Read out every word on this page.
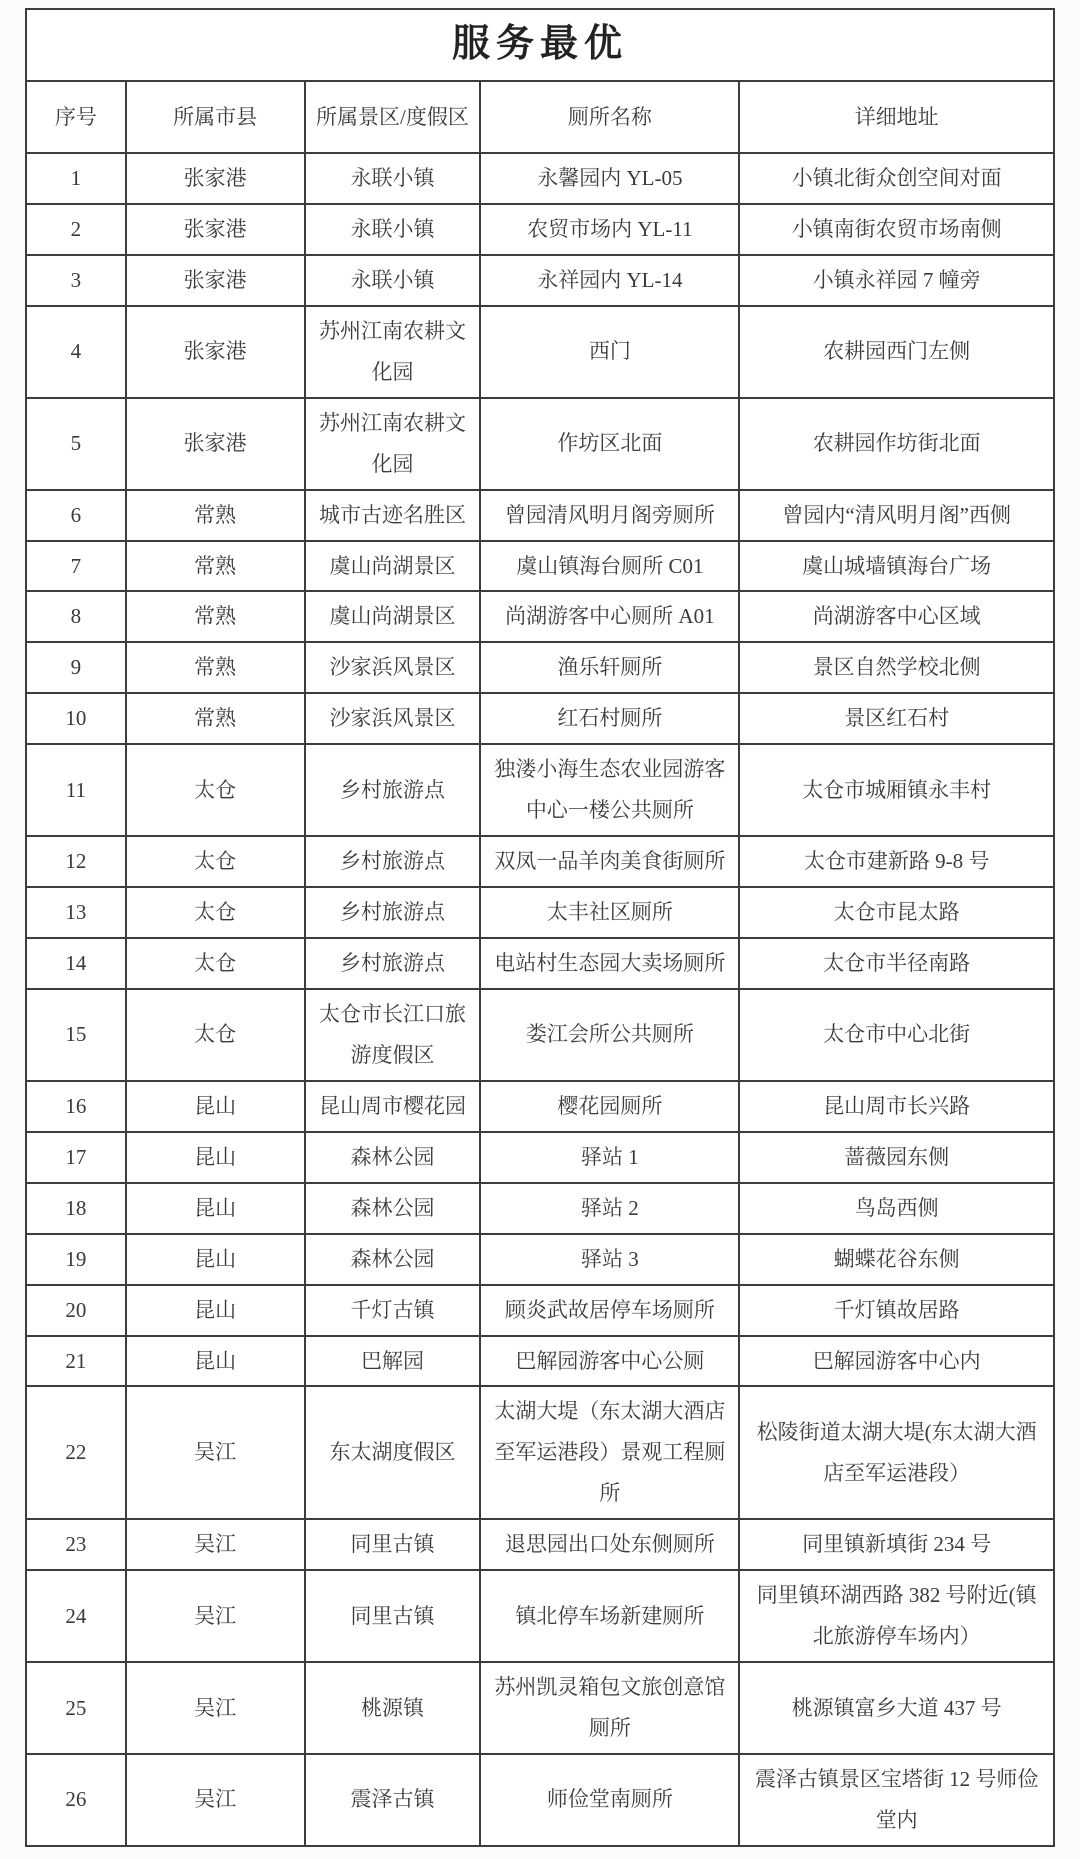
服务最优				
序号	所属市县	所属景区/度假区	厕所名称	详细地址
1	张家港	永联小镇	永馨园内 YL-05	小镇北街众创空间对面
2	张家港	永联小镇	农贸市场内 YL-11	小镇南街农贸市场南侧
3	张家港	永联小镇	永祥园内 YL-14	小镇永祥园 7 幢旁
4	张家港	苏州江南农耕文化园	西门	农耕园西门左侧
5	张家港	苏州江南农耕文化园	作坊区北面	农耕园作坊街北面
6	常熟	城市古迹名胜区	曾园清风明月阁旁厕所	曾园内“清风明月阁”西侧
7	常熟	虞山尚湖景区	虞山镇海台厕所 C01	虞山城墙镇海台广场
8	常熟	虞山尚湖景区	尚湖游客中心厕所 A01	尚湖游客中心区域
9	常熟	沙家浜风景区	渔乐轩厕所	景区自然学校北侧
10	常熟	沙家浜风景区	红石村厕所	景区红石村
11	太仓	乡村旅游点	独溇小海生态农业园游客中心一楼公共厕所	太仓市城厢镇永丰村
12	太仓	乡村旅游点	双凤一品羊肉美食街厕所	太仓市建新路 9-8 号
13	太仓	乡村旅游点	太丰社区厕所	太仓市昆太路
14	太仓	乡村旅游点	电站村生态园大卖场厕所	太仓市半径南路
15	太仓	太仓市长江口旅游度假区	娄江会所公共厕所	太仓市中心北街
16	昆山	昆山周市樱花园	樱花园厕所	昆山周市长兴路
17	昆山	森林公园	驿站 1	蔷薇园东侧
18	昆山	森林公园	驿站 2	鸟岛西侧
19	昆山	森林公园	驿站 3	蝴蝶花谷东侧
20	昆山	千灯古镇	顾炎武故居停车场厕所	千灯镇故居路
21	昆山	巴解园	巴解园游客中心公厕	巴解园游客中心内
22	吴江	东太湖度假区	太湖大堤（东太湖大酒店至军运港段）景观工程厕所	松陵街道太湖大堤(东太湖大酒店至军运港段）
23	吴江	同里古镇	退思园出口处东侧厕所	同里镇新填街 234 号
24	吴江	同里古镇	镇北停车场新建厕所	同里镇环湖西路 382 号附近(镇北旅游停车场内）
25	吴江	桃源镇	苏州凯灵箱包文旅创意馆厕所	桃源镇富乡大道 437 号
26	吴江	震泽古镇	师俭堂南厕所	震泽古镇景区宝塔街 12 号师俭堂内
